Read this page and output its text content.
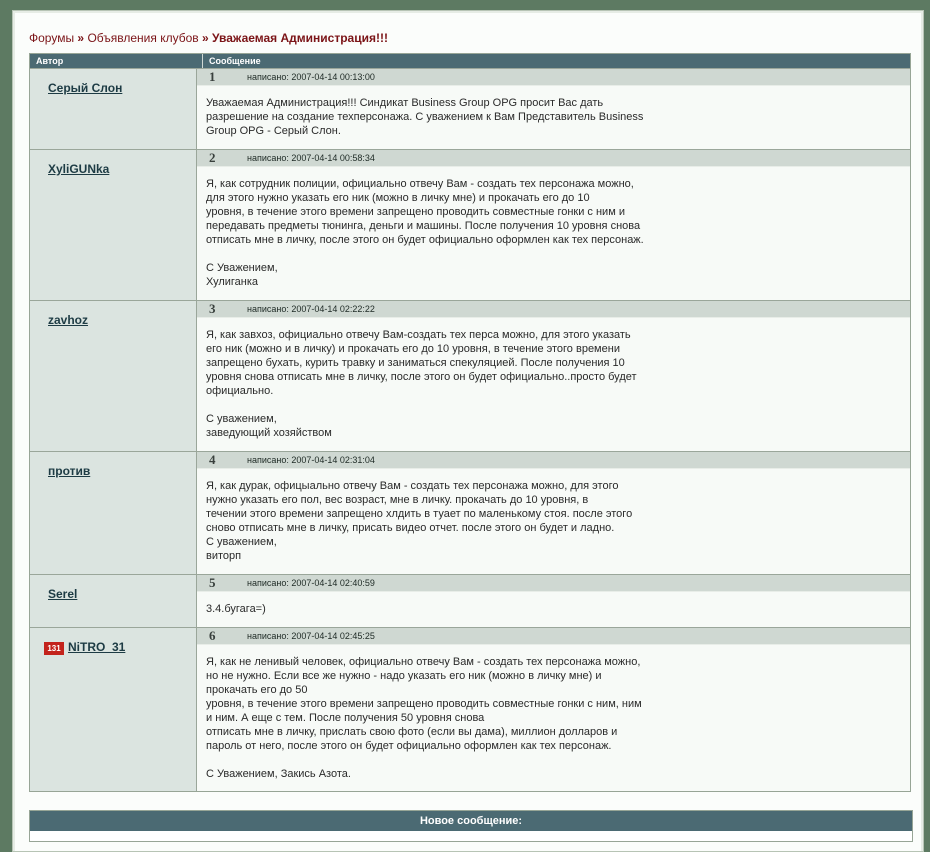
Форумы » Объявления клубов » Уважаемая Администрация!!!
Автор	Сообщение
Серый Слон
1	написано: 2007-04-14 00:13:00
Уважаемая Администрация!!! Синдикат Business Group OPG просит Вас дать
разрешение на создание техперсонажа. С уважением к Вам Представитель Business
Group OPG - Серый Слон.
XyliGUNka
2	написано: 2007-04-14 00:58:34
Я, как сотрудник полиции, официально отвечу Вам - создать тех персонажа можно,
для этого нужно указать его ник (можно в личку мне) и прокачать его до 10
уровня, в течение этого времени запрещено проводить совместные гонки с ним и
передавать предметы тюнинга, деньги и машины. После получения 10 уровня снова
отписать мне в личку, после этого он будет официально оформлен как тех персонаж.

С Уважением,
Хулиганка
zavhoz
3	написано: 2007-04-14 02:22:22
Я, как завхоз, официально отвечу Вам-создать тех перса можно, для этого указать
его ник (можно и в личку) и прокачать его до 10 уровня, в течение этого времени
запрещено бухать, курить травку и заниматься спекуляцией. После получения 10
уровня снова отписать мне в личку, после этого он будет официально..просто будет
официально.

С уважением,
заведующий хозяйством
против
4	написано: 2007-04-14 02:31:04
Я, как дурак, офицыально отвечу Вам - создать тех персонажа можно, для этого
нужно указать его пол, вес возраст, мне в личку. прокачать до 10 уровня, в
течении этого времени запрещено хлдить в туает по маленькому стоя. после этого
сново отписать мне в личку, присать видео отчет. после этого он будет и ладно.
С уважением,
виторп
Serel
5	написано: 2007-04-14 02:40:59
3.4.бугага=)
131 NiTRO_31
6	написано: 2007-04-14 02:45:25
Я, как не ленивый человек, официально отвечу Вам - создать тех персонажа можно,
но не нужно. Если все же нужно - надо указать его ник (можно в личку мне) и
прокачать его до 50
уровня, в течение этого времени запрещено проводить совместные гонки с ним, ним
и ним. А еще с тем. После получения 50 уровня снова
отписать мне в личку, прислать свою фото (если вы дама), миллион долларов и
пароль от него, после этого он будет официально оформлен как тех персонаж.

С Уважением, Закись Азота.
Новое сообщение:
